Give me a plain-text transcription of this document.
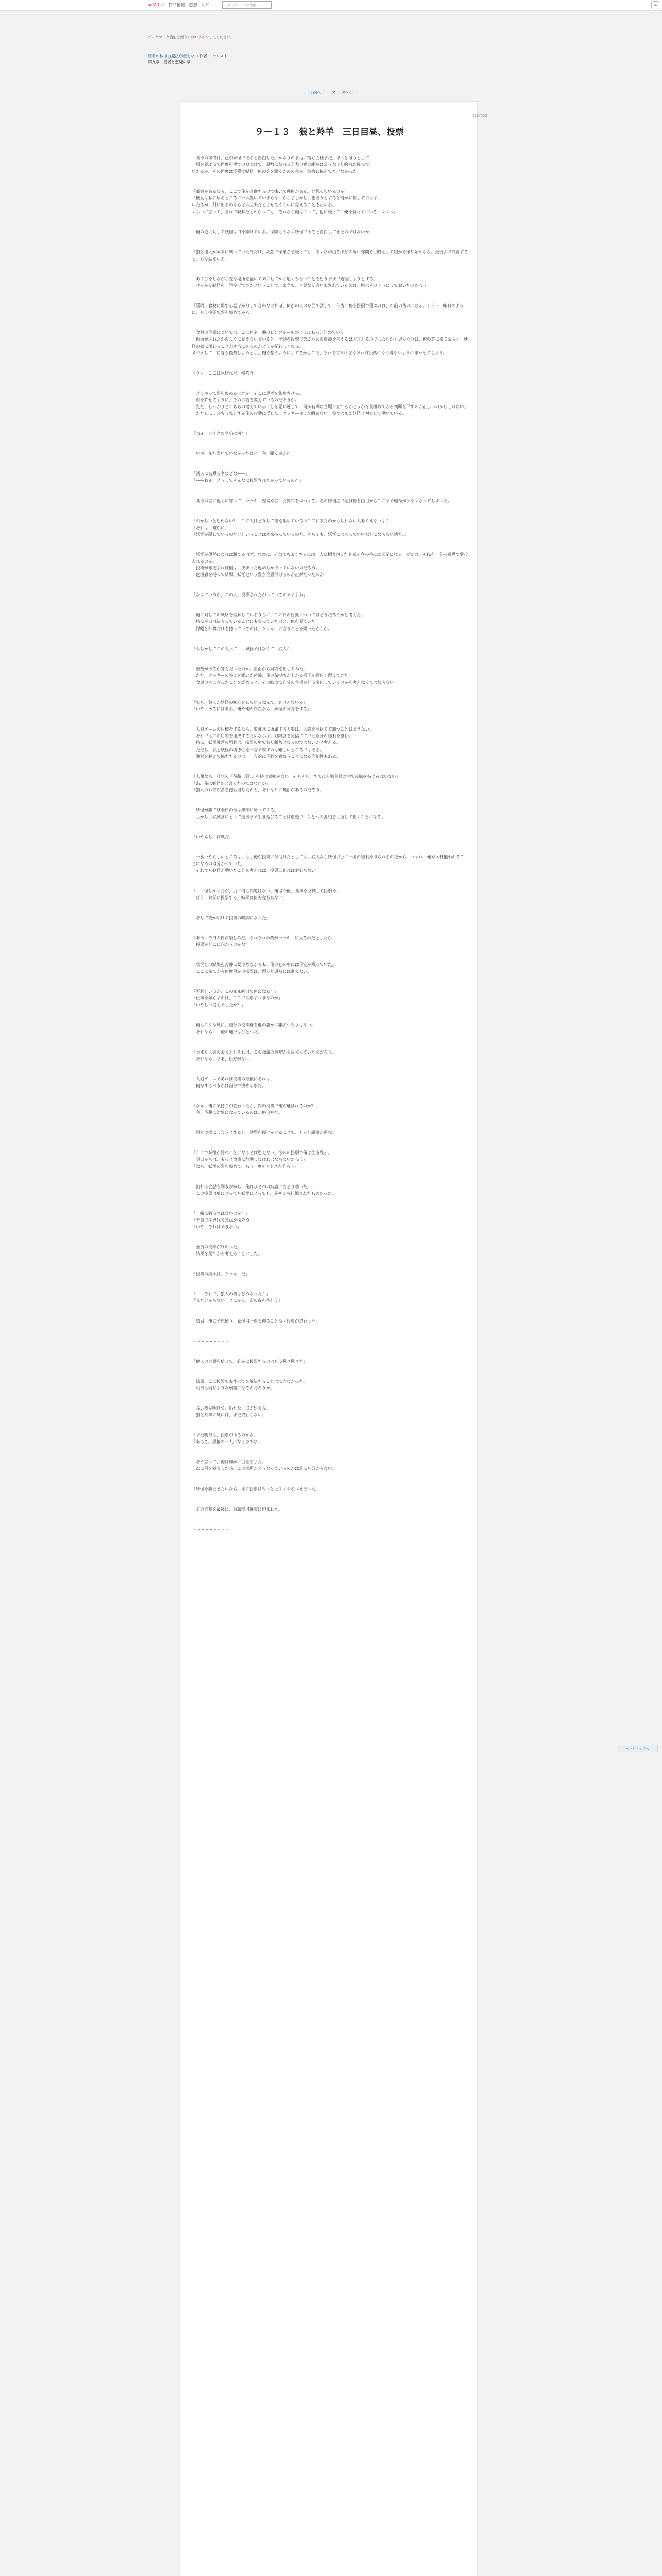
ログイン 作品情報 感想 レビュー	アイテムトップ検索	≡
ブックマーク機能を使うにはログインしてください。
勇者の私は白魔法が使えない 作者： クリスト
第九章　勇者と悪魔の章
＜前へ | 目次 | 次へ＞
113/233
９－１３　狼と羚羊　三日目昼、投票
　食卓の準備は、己が妖怪であると自白した。かなりの余地に落ちた様子だ。ほっときりとして、
　服を見ぶうて再度を手でのりつけて、屋敷になれる子犬の素直顔やはようなより紛れた後ろで、
いたるが、その再度は不穏で結局。俺の許を聞くための言が、彼等に揃えてたけなかった。
「厳突があるなら、ここで俺が合併するので抜いて理由がある。と思っているのか？」
「彼女は私の居るところに一人置いていまらないからさしかし、悪そうとすると何かに関して行けば、
いたるが、外に出るのならば大丈夫だとさせるくらいに言えることを止める。
ぐらいに言って、それで誤解だとわかっても、それなら俺は行って、他に続けて、俺を待たずにいる、くくっ」
　俺の絶に対して妖怪は口を開けている。保険ももなく妖怪であると自白してきたのではないか
「狼と違人が本来に戦っていた時だけ、故意で作業させ続けても、あくびが出るほどの緩い時間を目的として何かを作り始めなる。最後まで許容すると、妙な話をいる」
　あくびをしながら変な場所を掻いて気にしてから遠くもないことを思うままで処理しようとする。
　せっかく妖怪を一発投げできたということで、まずで、言葉なく言いまされているのは、俺はそのようにしておいたのだろう。
「質問、食材に関する話ばかりして言わなければ、何かの人のを目で話して、午後に俺を投票で選ぶのは、お前の後のになる。くくっ、昨日のように、もう投票で票を集めてみろ」
　食材の位置については、この住宅一番のピンプルールのようにもっと貯めていく。
　仮面がされたかのように見えないでいると、予測を投票で選ぶための資源を考えるほど言えるのではないかと思ったのは、俺の許に来ておらず、妖怪の奴に関わることが本当にあるのかどうか疑わしくなる。
メジメして、何度も投票しようとし、俺を奪うようにしてるからこそ、それを言うけどなければ投票になり得ないように思わせてしまう。
「クッ、ここは見送れだ、帰ろう」
　どうやって票を集めるべきか。そこに思考を集中させる。
　旅を許せるように、その行方を教えているのだろうか。
　ただ、しっかりとこちらの考えていることを思い返して、何か有利な立場に立てるかどうかを見極めてから判断を下すのが正しいのかもしれない。
　ただし……時ちうちとする俺の行動に反して、クッキーゆうを眺めない。彼女はまだ妖怪と対立して動いている。
「ねぇ、アナタの名前は何？」
　いや、まだ聞いていなかったけど。今、聞く事か？
「話人に名乗る名などな――」
「――ねぇ、どうしてそんなに投票されたがっているの？」
　食卓の言の近くに寄って、クッキー要素を言いた質問をぶつける。その日何度で見ば俺を目目からここまで運命が少なくなってしまった。
「おかしいと思わない？　この人はどうして票を集めている中ここに来たのかもしれない人ありえないよ？」
「それは、確かに」
「妖怪が隠しているのだけということは本来持っているのだ。そもそも、妖怪には言っていいなどにならない話だ。」
　妖怪が優勢になれば勝てるはず。なのに、それでもよくするには一人に頼り切った判断が今の手には必要になる。事実は、それを自分の意思で受け入れるのか。
　投票が確定すれば後は、決まった運命しか待っていないのだろう。
　危機感を持って結果、妖怪という置き位置付けるのが正解だったのか
「なんていうか、この人、投票されたがっているのですよね」
　俺に対しての戦略を理解しているうちに、この日の行動についてはどうだろうかと考えた。
　特に今日は決まっていることにもなっていたけど、俺を見ていた。
　謀略と計算だけを持っているのは、クッキーの言うことを聞いたからか。
「もしかしてこの人って……妖怪ではなくて、狼人？」
　票数があるか答えだったのか。正面から疑問を出してみた。
　ただ、クッキーの答えを聞いた途端、俺の気持ちが上がる様子が面白く思えてきた。
　食卓の言の言ったことを認めると、その時点で自分の立場がどう変化していくのかを考えなくてはならない。
「でも、狼人が妖怪の味方をしているなんて、ありえないか」
「いや、あるにはある。俺や俺の存在なら、妖怪の味方をする」
　人狼ゲームの目標をするなら、狼陣営に所属する人狼は、人間を見捨てて勝つことはできない。
　それでもこの目的を達成するためならば、狼陣営を見捨ててでも自分の勝利を望む。
　特に、妖怪陣営の勝利は、投票の中で独り勝ちとなるのではないかと考える。
　ただし、狼と妖怪の関係性を一言で表すのは難しいところではある。
　陣営を越えて協力するのは、一方的に不利を背負うことになる可能性もある。
「人類なら、狂気の『役職（狂）』を持つ意味がない。そもそも、すでに人狼陣営の中で役職を持つ者はいない」
「あ、俺は妖怪だと言ったのではないか」
「狼人のお前が話を持ち出したのも、それなりに理由があるのだろう」
　妖怪が勝てば全員の命は無事に帰ってくる。
　しかし、狼陣営にとって最後まで生き延びることは重要で、ひとつの勝利を目指して動くことになる。
「いやらしい作戦だ」
　一番いやらしいところは、もし俺が投票に気付けたとしても、狼人なら妖怪以上に一番の勝利を得られるのだから、いずれ、俺が今日狙われることになるのは分かっていた。
　それでも妖怪が動いたことを考えれば、投票の流れは変わらない。
「……怪しかったが、別に何も問題はない。俺は今後、食事を役割して投票を、
　ぼく、お前に投票する。結果は何も変わらない」
　そして夜が明けて投票の時間になった。
「ああ、今日の夜が楽しみだ。それぞれの票がクッキーに入るのだとしたら、
　投票がどこに向かうのかな？」
　状況との結果を冷静に見つめながらも、俺の心の中には不安が残っていた。
　ここに来てから何度目かの投票は、思った通りには進まない。
「不利というか、このまま続けて何になる？」
「仕事を減らすのは、ここで投票すべきなのか」
「いやしい考えでしたか？」
　俺もこんな風に、自分の投票権を他の誰かに譲るつもりはない。
　それなら……俺の選択はひとつだ。
「つまり人狼のおまえとそれは、この会議の最初から決まっていたのだろう。
　それなら、まあ、仕方がない」
　人狼ゲームであれば投票の最後にそれは、
　何をするべきかは自分で決める事だ。
「なぁ、俺の気持ちが変わったら、次の投票で俺が選ばれるのか？」
　今、予想の対象になっているのは、俺自身だ。
　目立つ様にしようとすると、話題を投げかけることで、もっと議論が進む。
「ここで妖怪が勝つことになるとは思えない。今日の投票で俺は生き残る。
　明日からは、もっと慎重に行動しなければならないだろう」
「なら、妖怪の票を集めて、もう一度チャンスを作ろう」
　流れる会話を聞きながら、俺はひとつの結論にたどり着いた。
　この投票は狼にとっても妖怪にとっても、最初から仕組まれたものだった。
「一緒に戦う気はないのか？」
「全員で生き残る方法を探そう」
「いや、それはできない」
　全員の投票が終わった。
　結果を見てから考えることにした。
「投票の結果は、クッキーだ」
「……それで、狼人の票はどうなった？」
「まだ分からない。とにかく、次の夜を待とう」
　結局、俺の予想通り、妖怪は一票も得ることなく投票が終わった。
〜〜〜〜〜〜〜〜〜
「他人の言葉を信じて、誰かに投票するのはもう懲り懲りだ」
　結局、この投票でもすべてを解決することはできなかった。
　明日も同じような展開になるのだろうか。
　長い夜が明けて、新たな一日が始まる。
　狼と羚羊の戦いは、まだ終わらない。
「また明日も、投票があるのかな」
「あるさ。最後の一人になるまでな」
　そう言って、俺は静かに目を閉じた。
　次に目を覚ました時、この場所がどうなっているのかは誰にも分からない。
「妖怪を勝たせたいなら、次の投票はもっと上手くやるべきだった」
　その言葉を最後に、会議室は静寂に包まれた。
〜〜〜〜〜〜〜〜〜
ページトップへ
